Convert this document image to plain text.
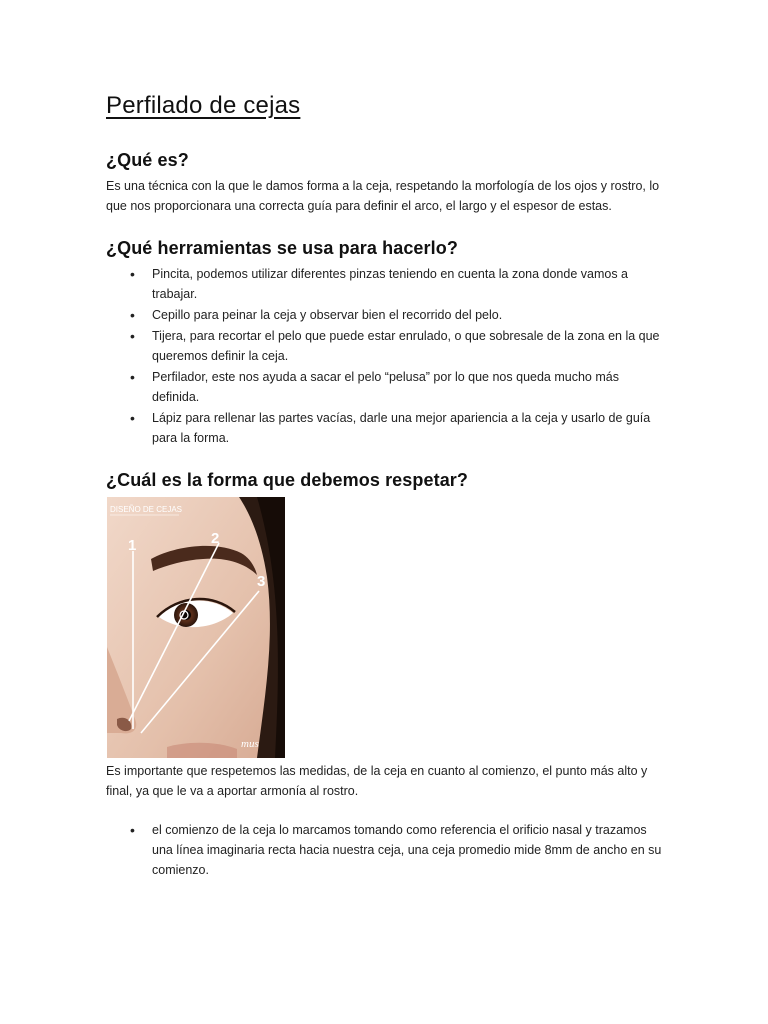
Perfilado de cejas
¿Qué es?
Es una técnica con la que le damos forma a la ceja, respetando la morfología de los ojos y rostro, lo que nos proporcionara una correcta guía para definir el arco, el largo y el espesor de estas.
¿Qué herramientas se usa para hacerlo?
• Pincita, podemos utilizar diferentes pinzas teniendo en cuenta la zona donde vamos a trabajar.
• Cepillo para peinar la ceja y observar bien el recorrido del pelo.
• Tijera, para recortar el pelo que puede estar enrulado, o que sobresale de la zona en la que queremos definir la ceja.
• Perfilador, este nos ayuda a sacar el pelo “pelusa” por lo que nos queda mucho más definida.
• Lápiz para rellenar las partes vacías, darle una mejor apariencia a la ceja y usarlo de guía para la forma.
¿Cuál es la forma que debemos respetar?
DISEÑO DE CEJAS
1	2
3
mus
Es importante que respetemos las medidas, de la ceja en cuanto al comienzo, el punto más alto y final, ya que le va a aportar armonía al rostro.
• el comienzo de la ceja lo marcamos tomando como referencia el orificio nasal y trazamos una línea imaginaria recta hacia nuestra ceja, una ceja promedio mide 8mm de ancho en su comienzo.
